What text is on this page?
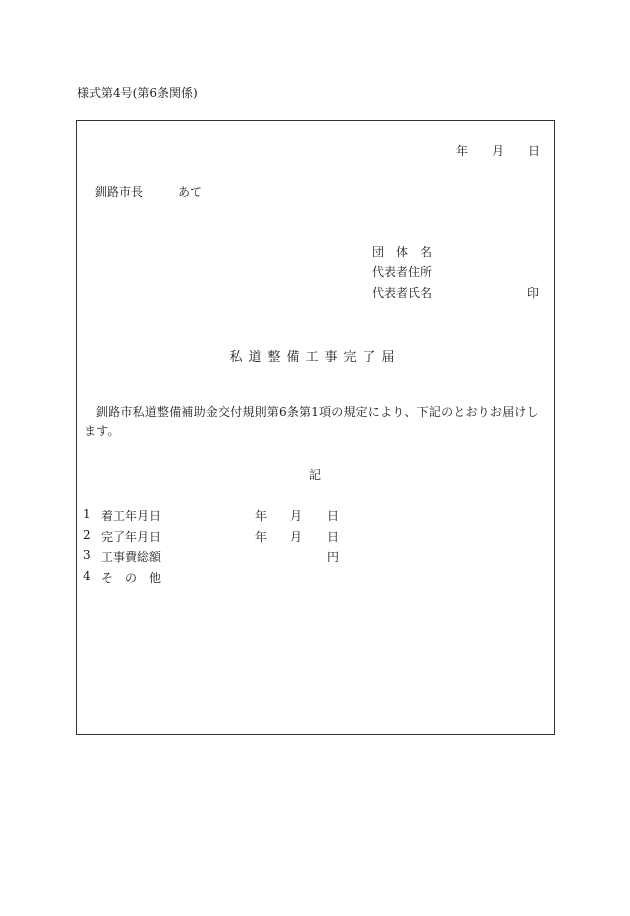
様式第4号(第6条関係)
年 月 日
釧路市長	あて
団　体　名
代表者住所
代表者氏名	印
私道整備工事完了届
釧路市私道整備補助金交付規則第6条第1項の規定により、下記のとおりお届けします。
記
1 着工年月日	年 月 日
2 完了年月日	年 月 日
3 工事費総額	円
4 そ　の　他
